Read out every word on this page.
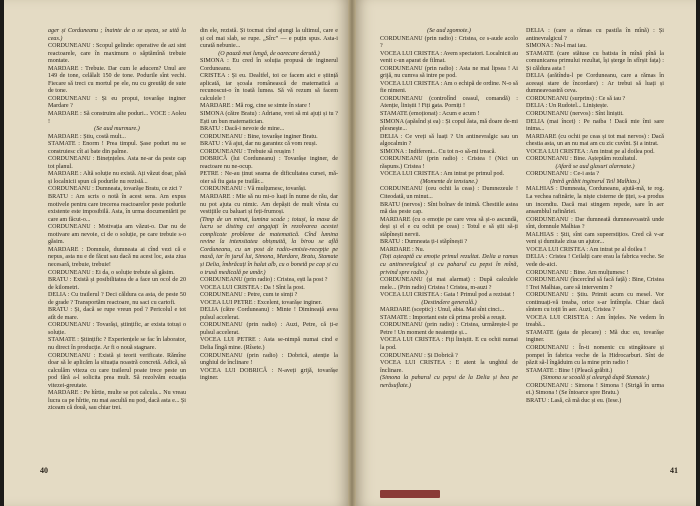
ager și Corduneanu ; înainte de a se așeza, se uită la ceas.)

CORDUNEANU : Scopul gelinde: operative de azi sint reactoarele, care în maximum o săptămînă trebuie montate.

MARDARE : Trebuie. Dar cum le aducem? Unul are 149 de tone, celălalt 150 de tone. Podurile sînt vechi. Fiecare să treci cu mortul pe ele, nu cu greutăți de sute de tone.

CORDUNEANU : Și eu propui, tovarășe inginer Mardare ?

MARDARE : Să construim alte poduri... VOCE : Aoleu !

(Se aud murmure.)

MARDARE : Știu, costă mult...

STAMATE : Enorm ! Prea timpul. Șase poduri nu se construiesc cît ai bate din palme.

CORDUNEANU : Binețnțeles. Asta ne-ar da peste cap tot planul.

MARDARE : Altă soluție nu există. Ați văzut doar, păsă și localnicii spun că podurile nu rezistă...

CORDUNEANU : Dumneata, tovarășe Bratu, ce zici ?

BRATU : Am scris o notă în acest sens. Am expus motivele pentru care trecerea reactoarelor peste podurile existente este imposibilă. Asta, în urma documentării pe care am făcut-o...

CORDUNEANU : Motivația am văzut-o. Dar nu de motivare am nevoie, ci de o soluție, pe care trebuie s-o găsim.

MARDARE : Domnule, dumneata ai cînd vezi că e nepus, asta nu e de făcut sau dacă nu acest loc, asta ziua necesară, trebuie, trebuie!

CORDUNEANU : Ei da, o soluție trebuie să găsim.

BRATU : Există și posibilitatea de a face un ocol de 20 de kilometri.

DELIA : Cu trailerul ? Deci căldura ca asta, de peste 50 de grade ? Transportăm reactoare, nu saci cu cartofi.

BRATU : Și, dacă se rupe vreun pod ? Pericolul e tot atît de mare.

CORDUNEANU : Tovarăși, științific, ar exista totuși o soluție.

STAMATE : Științific ? Experiențele se fac în laborator, nu direct în producție. Ar fi o nouă stagnare.

CORDUNEANU : Există și teorii verificate. Rămîne doar să le aplicăm la situația noastră concretă. Adică, să calculăm viteza cu care trailerul poate trece peste un pod fără a-l solicita prea mult. Să rezolvăm ecuația vitezei-greutate.

MARDARE : Pe hîrtie, multe se pot calcula... Nu vreau lucra ca pe hîrtie, nu mai ascultă nu pod, dacă asta e... Și ziceam că două, sau chiar trei.

din ele, rezistă. Și tocmai cînd ajungi la ultimul, care e și cel mai slab, se rupe. „Sîrc” — e puțin spus. Asta-i curată nebunie...

(O pauză mai lungă, de oarecare derută.)

SIMONA : Eu cred în soluția propusă de inginerul Corduneanu.

CRISTEA : Și eu. Dealtfel, toi ce facem aici e știință aplicată, iar școala românească de matematică a recunoscut-o în toată lumea. Să vă rezum să facem calculele !

MARDARE : Mă rog, cine se simte în stare !

SIMONA (către Bratu) : Adriane, vrei să mi ajuți și tu ? Ești un bun matematician.

BRATU : Dacă-i nevoie de mine...

CORDUNEANU : Bine, tovarășe inginer Bratu.

BRATU : Vă ajut, dar nu garantez că vom reuși.

CORDUNEANU : Trebuie să reușim !

DOBRICĂ (lui Corduneanu) : Tovarășe inginer, de reactoare nu ne-ocup.

PETRE : Ne-au ținut seama de dificultatea cursei, mă-oier să fiu gata pe trailăr...

CORDUNEANU : Vă mulțumesc, tovarăși.

MARDARE : Mie să nu mi-o luați în nume de rău, dar nu pot ajuta cu nimic. Am depășit de mult vîrsta cu vestițiile cu baluari și feți-frumoși.

(Timp de un minut, lumina scade ; totuși, la masa de lucru se disting cei angajați în rezolvarea acestei complicate probleme de matematică. Cînd lumina revine la intensitatea obișnuită, la birou se află Corduneanu, cu un post de radio-emisie-recepție pe masă, iar în jurul lui, Simona, Mardare, Bratu, Stamate și Delia, îmbrăcați în halat alb, cu o bonetă pe cap și cu o trusă medicală pe umăr.)

CORDUNEANU (prin radio) : Cristea, ești la post ?

VOCEA LUI CRISTEA : Da ! Sînt la post.

CORDUNEANU : Petre, cum te simți ?

VOCEA LUI PETRE : Excelent, tovarășe inginer.

DELIA (către Corduneanu) : Minte ! Dimineață avea pulsul accelerat.

CORDUNEANU (prin radio) : Auzi, Petre, că ți-e pulsul accelerat.

VOCEA LUI PETRE : Asta se-nimpă numai cind e Delia lîngă mine. (Rîsete.)

CORDUNEANU (prin radio) : Dobrică, atenție la unghiul de înclinare !

VOCEA LUI DOBRICĂ : N-aveți grijă, tovarășe inginer.

40

(Se aud zgomote.)

CORDUNEANU (prin radio) : Cristea, ce s-aude acolo ?

VOCEA LUI CRISTEA : Avem spectatori. Localnicii au venit c-un aparat de filmat.

CORDUNEANU (prin radio) : Asta ne mai lipsea ! Ai grijă, nu cumva să intre pe pod.

VOCEA LUI CRISTEA : Am o echipă de ordine. N-o să fie nimeni.

CORDUNEANU (controlînd ceasul, comandă) : Atenție, liniștii ! Fiți gata. Porniți !

STAMATE (emoționat) : Acum e acum !

SIMONA (apăsînd și ea) : Și copul ăsta, mă doare de-mi plesneşte...

DELIA : Ce vreți să luați ? Un antinevralgic sau un algocalmin ?

SIMONA : Indiferent... Cu tot n-o să-mi treacă.

CORDUNEANU (prin radio) : Cristea ! (Nici un răspuns.) Cristea !

VOCEA LUI CRISTEA : Am intrat pe primul pod.

(Momente de tensiune.)

CORDUNEANU (ceu ochii la ceas) : Dumnezeule ! Citeodată, un minut...

BRATU (nervos) : Sînt bolnav de inimă. Chestiile astea mă das peste cap.

MARDARE (cu o emoție pe care vrea să și-o ascundă, deși și el e cu ochii pe ceas) : Totul e să știi să-ți stăpînești nervii.

BRATU : Dumneata ți-i stăpînești ?

MARDARE : Nu.

(Toți așteaptă cu emoție primul rezultat. Delia a ramas cu antinevralgicul și cu paharul cu pepsi în mînă, privind spre radio.)

CORDUNEANU (și mai alarmat) : După calculele mele... (Prin radio) Cristea ! Cristea, m-auzi ?

VOCEA LUI CRISTEA : Gata ! Primul pod a rezistat !

(Destindere generală.)

MARDARE (sceptic) : Unul, abia. Mai sînt cinci...

STAMATE : Important este că prima probă a reușit.

CORDUNEANU (prin radio) : Cristea, urmărește-l pe Petre ! Un moment de neatenție și...

VOCEA LUI CRISTEA : Fiți liniștit. E cu ochii numai la pod.

CORDUNEANU : Și Dobrică ?

VOCEA LUI CRISTEA : E atent la unghiul de înclinare.

(Simona la paharul cu pepsi de la Delia și bea pe nerăsuflate.)

DELIA : (care a rămas cu pastila în mînă) : Și antinevralgicul ?

SIMONA : Nu-l mai iau.

STAMATE (care stătuse cu batista în mînă pînă la comunicarea primului rezultat, își șterge în sfîrșit fața) : Și căldura asta !

DELIA (arătîndu-l pe Corduneanu, care a rămas în aceeași stare de încordare) : Ar trebui să luați și dumneavoastră ceva.

CORDUNEANU (surprins) : Ce să iau ?

DELIA : Un Rudotel... Liniștește.

CORDUNEANU (nervos) : Sînt liniștit.

DELIA (mai încet) : Pe naiba ! Dacă mie îmi sare inima...

MARDARE (cu ochii pe ceas și tot mai nervos) : Dacă chestia asta, un an nu mai am cu zic cuvînt. Și a intrat.

VOCEA LUI CRISTEA : Am intrat pe al doilea pod.

CORDUNEANU : Bine. Așteptăm rezultatul.

(Afară se aud glasuri alarmate.)

CORDUNEANU : Ce-i asta ?

(Intră grăbit inginerul Teil Malhias.)

MALHIAS : Dumneata, Corduneanu, ajută-mă, te rog. La vechea rafinărie, la niște cisterne de țiței, s-a produs un incendiu. Dacă mai stingem repede, sare în aer ansamblul rafinăriei.

CORDUNEANU : Dar dumneată dumneavoastră unde sînt, domnule Malhias ?

MALHIAS : Știi, sînt cam supeerstițios. Cred că v-ar veni și dumitale ziua un ajutor...

VOCEA LUI CRISTEA : Am intrat pe al doilea !

DELIA : Cristea ! Ceilalți care erau la fabrica veche. Se vede de-aici.

CORDUNEANU : Bine. Am mulțumesc !

CORDUNEANU (încercînd să facă față) : Bine, Cristea ! Trei Malhias, care să intervenim ?

CORDUNEANU : Știu. Primit acum cu mesel. Vor continuați-vă treaba, orice s-ar întîmpla. Chiar dacă sîntem cu toții în aer. Auzi, Cristea ?

VOCEA LUI CRISTEA : Am înțeles. Ne vedem în treabă...

STAMATE (gata de plecare) : Mă duc eu, tovarășe inginer.

CORDUNEANU : În-ti nomenic cu stingătoare și pompei în fabrica veche de la Hidrocarburi. Sînt de păzit să-l îngăduim cu la mine prin radio !

STAMATE : Bine ! (Pleacă grăbit.)

(Simona se scoală și aleargă după Stamate.)

CORDUNEANU : Simona ! Simona ! (Strigă în urma ei.) Simona ! (Se întoarce spre Bratu.)

BRATU : Lasă, că mă duc și eu. (Iese.)

41
